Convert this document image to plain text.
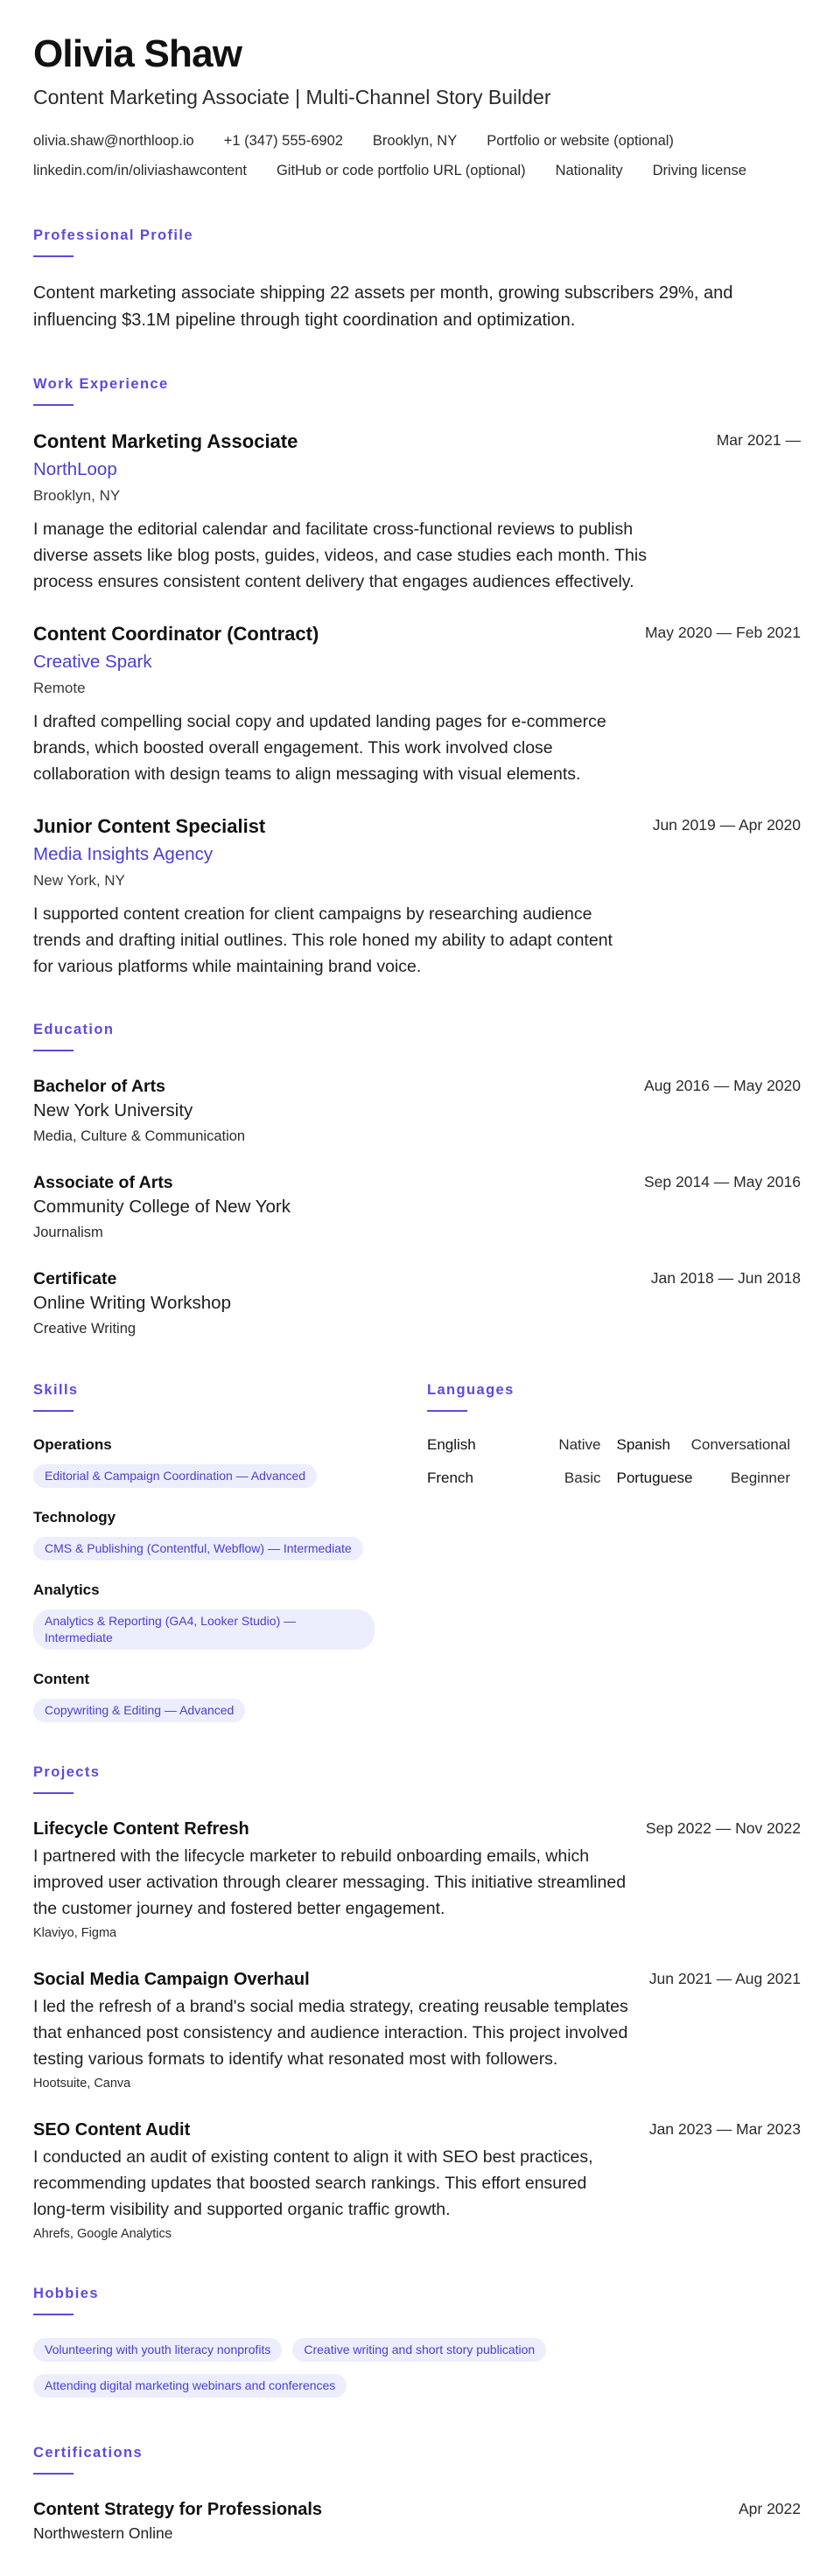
Olivia Shaw
Content Marketing Associate | Multi-Channel Story Builder
olivia.shaw@northloop.io +1 (347) 555-6902 Brooklyn, NY Portfolio or website (optional)
linkedin.com/in/oliviashawcontent GitHub or code portfolio URL (optional) Nationality Driving license
Professional Profile
Content marketing associate shipping 22 assets per month, growing subscribers 29%, and influencing $3.1M pipeline through tight coordination and optimization.
Work Experience
Content Marketing Associate	Mar 2021 —
NorthLoop
Brooklyn, NY
I manage the editorial calendar and facilitate cross-functional reviews to publish diverse assets like blog posts, guides, videos, and case studies each month. This process ensures consistent content delivery that engages audiences effectively.
Content Coordinator (Contract)	May 2020 — Feb 2021
Creative Spark
Remote
I drafted compelling social copy and updated landing pages for e-commerce brands, which boosted overall engagement. This work involved close collaboration with design teams to align messaging with visual elements.
Junior Content Specialist	Jun 2019 — Apr 2020
Media Insights Agency
New York, NY
I supported content creation for client campaigns by researching audience trends and drafting initial outlines. This role honed my ability to adapt content for various platforms while maintaining brand voice.
Education
Bachelor of Arts	Aug 2016 — May 2020
New York University
Media, Culture & Communication
Associate of Arts	Sep 2014 — May 2016
Community College of New York
Journalism
Certificate	Jan 2018 — Jun 2018
Online Writing Workshop
Creative Writing
Skills
Operations
Editorial & Campaign Coordination — Advanced
Technology
CMS & Publishing (Contentful, Webflow) — Intermediate
Analytics
Analytics & Reporting (GA4, Looker Studio) — Intermediate
Content
Copywriting & Editing — Advanced
Languages
English	Native Spanish Conversational
French	Basic Portuguese	Beginner
Projects
Lifecycle Content Refresh	Sep 2022 — Nov 2022
I partnered with the lifecycle marketer to rebuild onboarding emails, which improved user activation through clearer messaging. This initiative streamlined the customer journey and fostered better engagement.
Klaviyo, Figma
Social Media Campaign Overhaul	Jun 2021 — Aug 2021
I led the refresh of a brand's social media strategy, creating reusable templates that enhanced post consistency and audience interaction. This project involved testing various formats to identify what resonated most with followers.
Hootsuite, Canva
SEO Content Audit	Jan 2023 — Mar 2023
I conducted an audit of existing content to align it with SEO best practices, recommending updates that boosted search rankings. This effort ensured long-term visibility and supported organic traffic growth.
Ahrefs, Google Analytics
Hobbies
Volunteering with youth literacy nonprofits	Creative writing and short story publication
Attending digital marketing webinars and conferences
Certifications
Content Strategy for Professionals	Apr 2022
Northwestern Online
